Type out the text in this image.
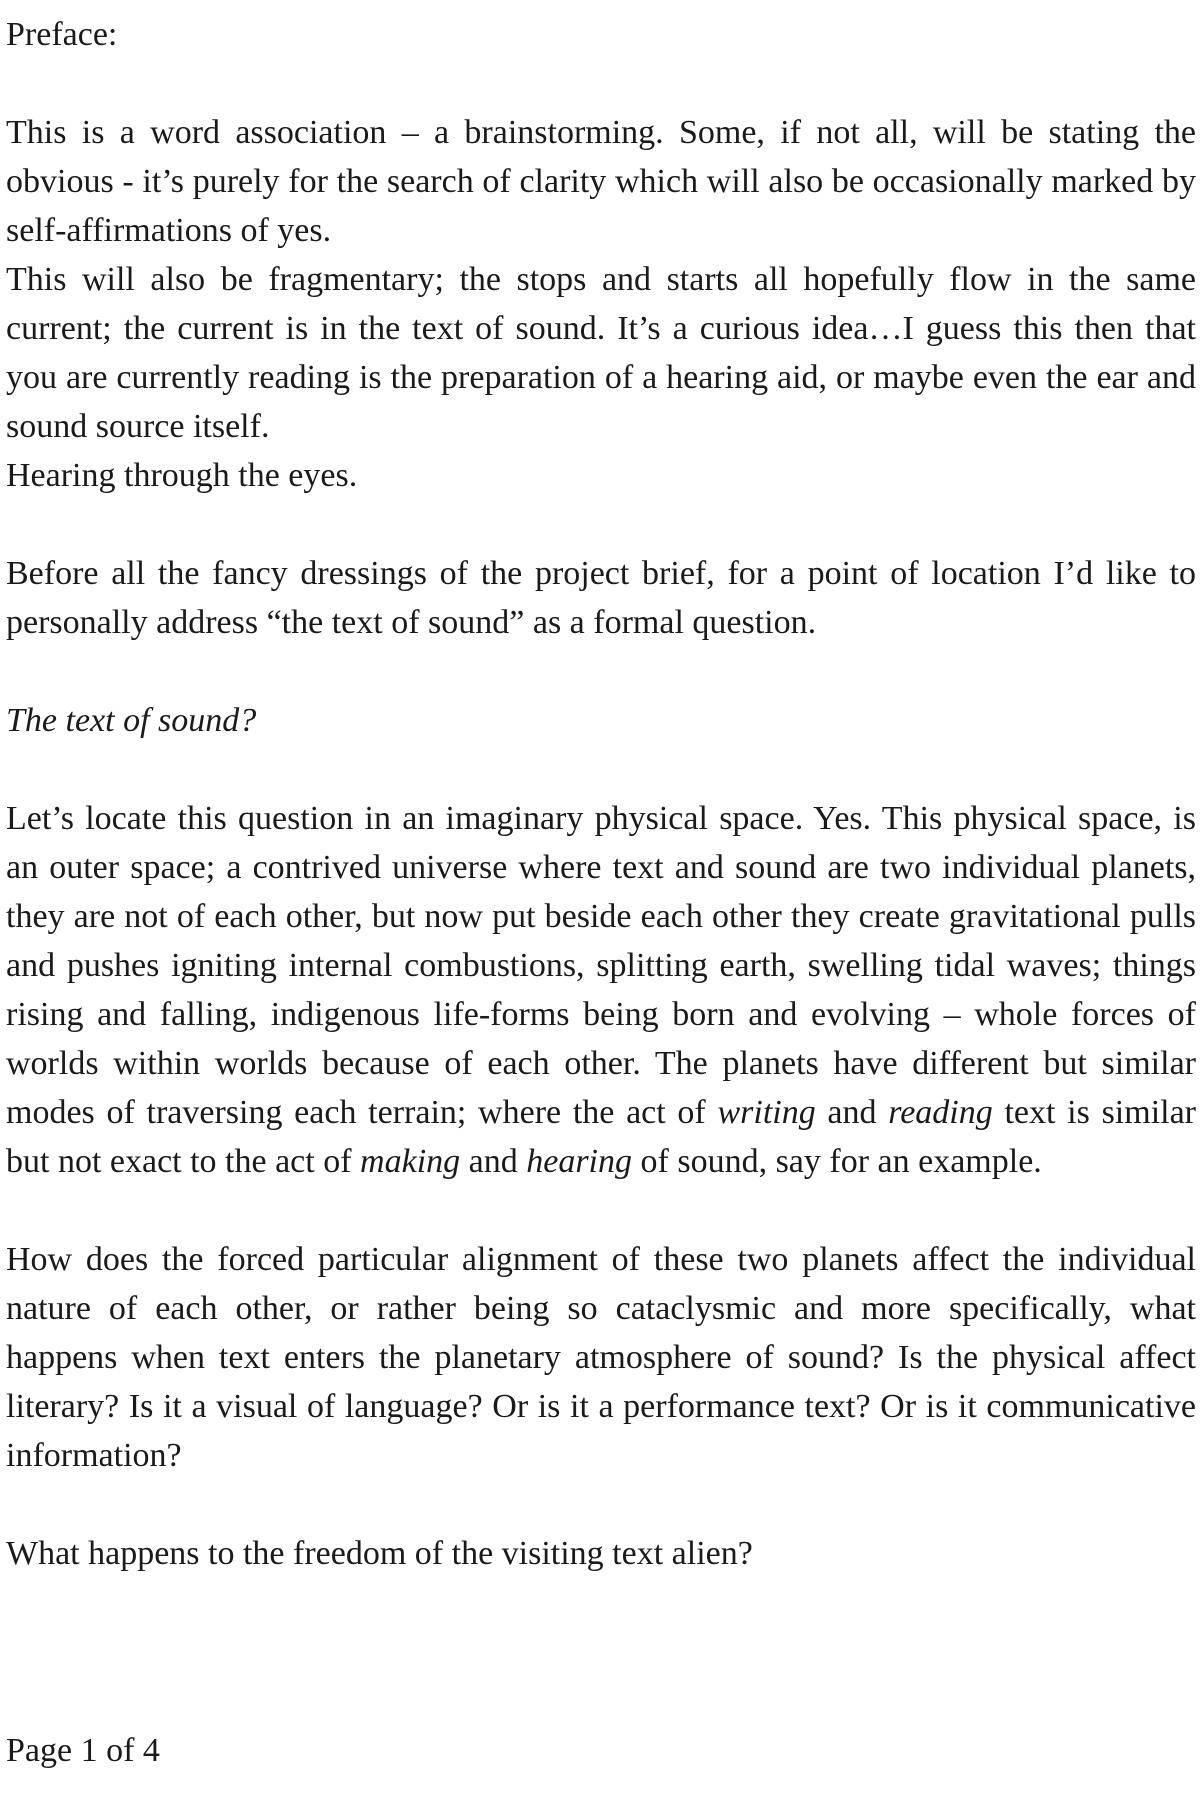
Preface:

This is a word association – a brainstorming. Some, if not all, will be stating the obvious - it’s purely for the search of clarity which will also be occasionally marked by self-affirmations of yes.

This will also be fragmentary; the stops and starts all hopefully flow in the same current; the current is in the text of sound. It’s a curious idea…I guess this then that you are currently reading is the preparation of a hearing aid, or maybe even the ear and sound source itself.

Hearing through the eyes.

Before all the fancy dressings of the project brief, for a point of location I’d like to personally address “the text of sound” as a formal question.

The text of sound?

Let’s locate this question in an imaginary physical space. Yes. This physical space, is an outer space; a contrived universe where text and sound are two individual planets, they are not of each other, but now put beside each other they create gravitational pulls and pushes igniting internal combustions, splitting earth, swelling tidal waves; things rising and falling, indigenous life-forms being born and evolving – whole forces of worlds within worlds because of each other. The planets have different but similar modes of traversing each terrain; where the act of writing and reading text is similar but not exact to the act of making and hearing of sound, say for an example.

How does the forced particular alignment of these two planets affect the individual nature of each other, or rather being so cataclysmic and more specifically, what happens when text enters the planetary atmosphere of sound? Is the physical affect literary? Is it a visual of language? Or is it a performance text? Or is it communicative information?

What happens to the freedom of the visiting text alien?

Page 1 of 4
